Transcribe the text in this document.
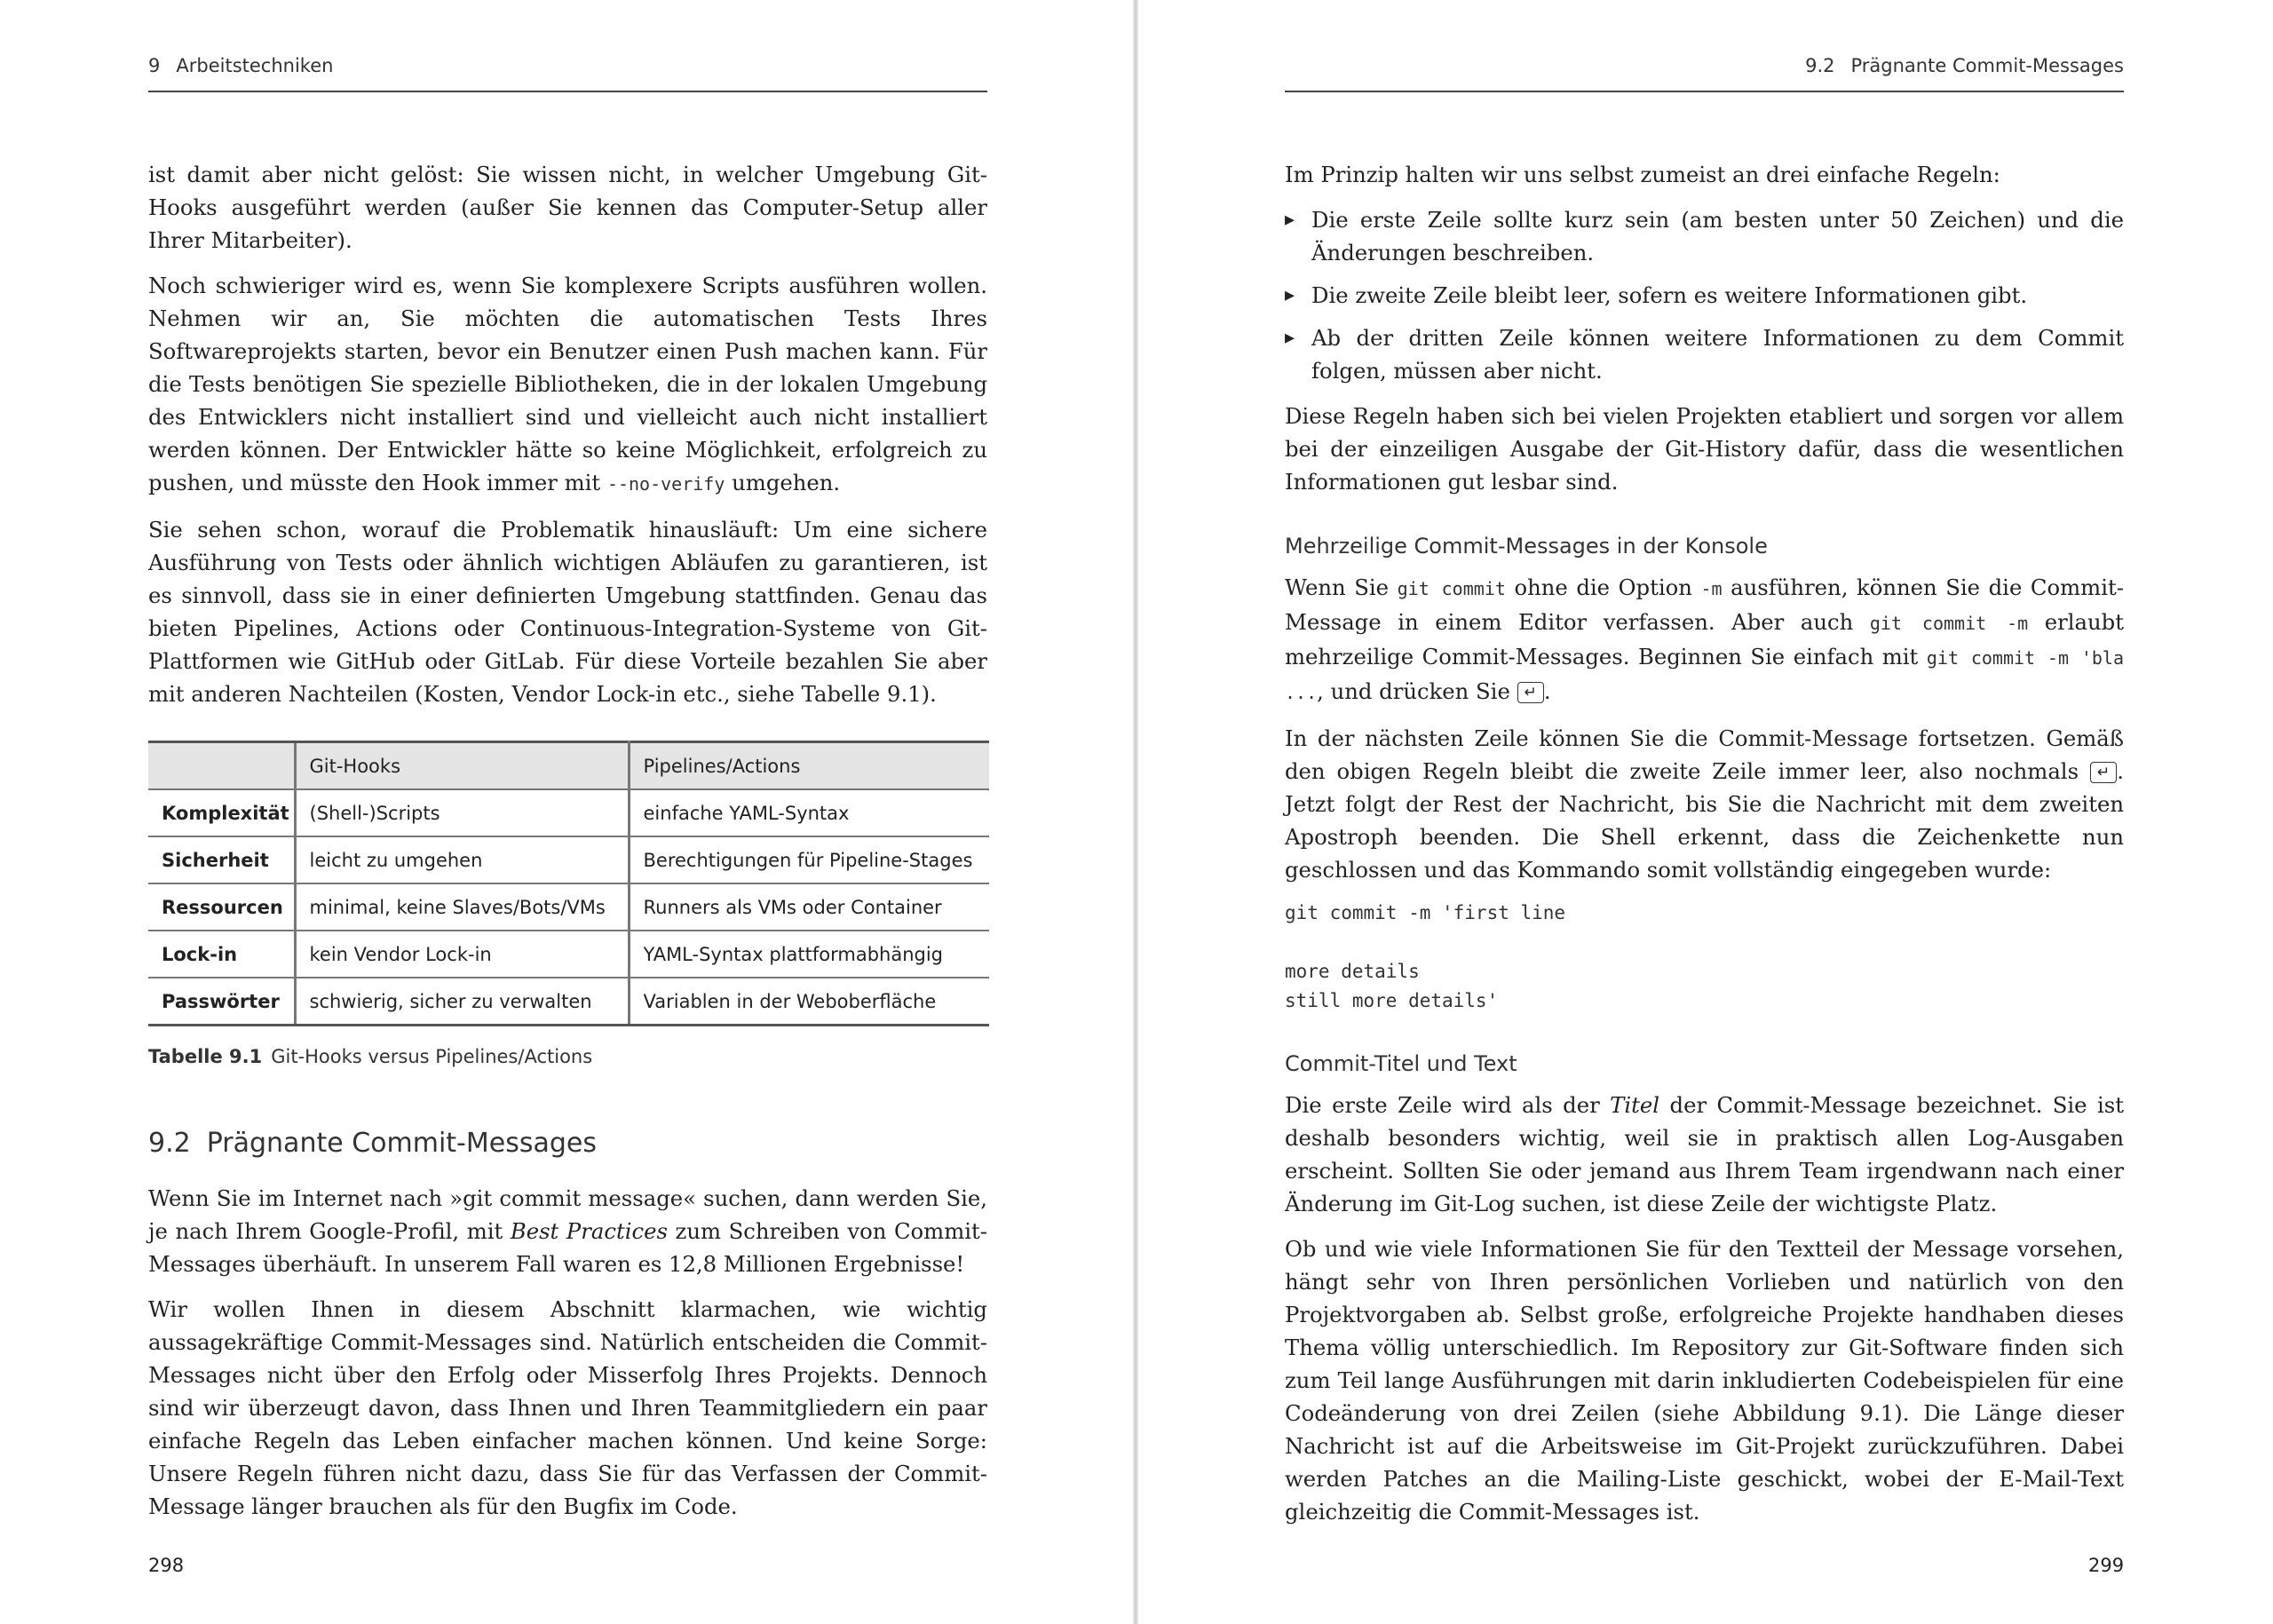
9 Arbeitstechniken

ist damit aber nicht gelöst: Sie wissen nicht, in welcher Umgebung Git-Hooks ausgeführt werden (außer Sie kennen das Computer-Setup aller Ihrer Mitarbeiter).

Noch schwieriger wird es, wenn Sie komplexere Scripts ausführen wollen. Nehmen wir an, Sie möchten die automatischen Tests Ihres Softwareprojekts starten, bevor ein Benutzer einen Push machen kann. Für die Tests benötigen Sie spezielle Bibliotheken, die in der lokalen Umgebung des Entwicklers nicht installiert sind und vielleicht auch nicht installiert werden können. Der Entwickler hätte so keine Möglichkeit, erfolgreich zu pushen, und müsste den Hook immer mit --no-verify umgehen.

Sie sehen schon, worauf die Problematik hinausläuft: Um eine sichere Ausführung von Tests oder ähnlich wichtigen Abläufen zu garantieren, ist es sinnvoll, dass sie in einer definierten Umgebung stattfinden. Genau das bieten Pipelines, Actions oder Continuous-Integration-Systeme von Git-Plattformen wie GitHub oder GitLab. Für diese Vorteile bezahlen Sie aber mit anderen Nachteilen (Kosten, Vendor Lock-in etc., siehe Tabelle 9.1).

	Git-Hooks	Pipelines/Actions
Komplexität	(Shell-)Scripts	einfache YAML-Syntax
Sicherheit	leicht zu umgehen	Berechtigungen für Pipeline-Stages
Ressourcen	minimal, keine Slaves/Bots/VMs	Runners als VMs oder Container
Lock-in	kein Vendor Lock-in	YAML-Syntax plattformabhängig
Passwörter	schwierig, sicher zu verwalten	Variablen in der Weboberfläche
Tabelle 9.1 Git-Hooks versus Pipelines/Actions
9.2 Prägnante Commit-Messages

Wenn Sie im Internet nach »git commit message« suchen, dann werden Sie, je nach Ihrem Google-Profil, mit Best Practices zum Schreiben von Commit-Messages überhäuft. In unserem Fall waren es 12,8 Millionen Ergebnisse!

Wir wollen Ihnen in diesem Abschnitt klarmachen, wie wichtig aussagekräftige Commit-Messages sind. Natürlich entscheiden die Commit-Messages nicht über den Erfolg oder Misserfolg Ihres Projekts. Dennoch sind wir überzeugt davon, dass Ihnen und Ihren Teammitgliedern ein paar einfache Regeln das Leben einfacher machen können. Und keine Sorge: Unsere Regeln führen nicht dazu, dass Sie für das Verfassen der Commit-Message länger brauchen als für den Bugfix im Code.

298
9.2 Prägnante Commit-Messages

Im Prinzip halten wir uns selbst zumeist an drei einfache Regeln:

▸ Die erste Zeile sollte kurz sein (am besten unter 50 Zeichen) und die Änderungen beschreiben.
▸ Die zweite Zeile bleibt leer, sofern es weitere Informationen gibt.
▸ Ab der dritten Zeile können weitere Informationen zu dem Commit folgen, müssen aber nicht.

Diese Regeln haben sich bei vielen Projekten etabliert und sorgen vor allem bei der einzeiligen Ausgabe der Git-History dafür, dass die wesentlichen Informationen gut lesbar sind.

Mehrzeilige Commit-Messages in der Konsole

Wenn Sie git commit ohne die Option -m ausführen, können Sie die Commit-Message in einem Editor verfassen. Aber auch git commit -m erlaubt mehrzeilige Commit-Messages. Beginnen Sie einfach mit git commit -m 'bla ..., und drücken Sie ↵ .

In der nächsten Zeile können Sie die Commit-Message fortsetzen. Gemäß den obigen Regeln bleibt die zweite Zeile immer leer, also nochmals ↵ . Jetzt folgt der Rest der Nachricht, bis Sie die Nachricht mit dem zweiten Apostroph beenden. Die Shell erkennt, dass die Zeichenkette nun geschlossen und das Kommando somit vollständig eingegeben wurde:

git commit -m 'first line

more details
still more details'
Commit-Titel und Text

Die erste Zeile wird als der Titel der Commit-Message bezeichnet. Sie ist deshalb besonders wichtig, weil sie in praktisch allen Log-Ausgaben erscheint. Sollten Sie oder jemand aus Ihrem Team irgendwann nach einer Änderung im Git-Log suchen, ist diese Zeile der wichtigste Platz.

Ob und wie viele Informationen Sie für den Textteil der Message vorsehen, hängt sehr von Ihren persönlichen Vorlieben und natürlich von den Projektvorgaben ab. Selbst große, erfolgreiche Projekte handhaben dieses Thema völlig unterschiedlich. Im Repository zur Git-Software finden sich zum Teil lange Ausführungen mit darin inkludierten Codebeispielen für eine Codeänderung von drei Zeilen (siehe Abbildung 9.1). Die Länge dieser Nachricht ist auf die Arbeitsweise im Git-Projekt zurückzuführen. Dabei werden Patches an die Mailing-Liste geschickt, wobei der E-Mail-Text gleichzeitig die Commit-Messages ist.

299
